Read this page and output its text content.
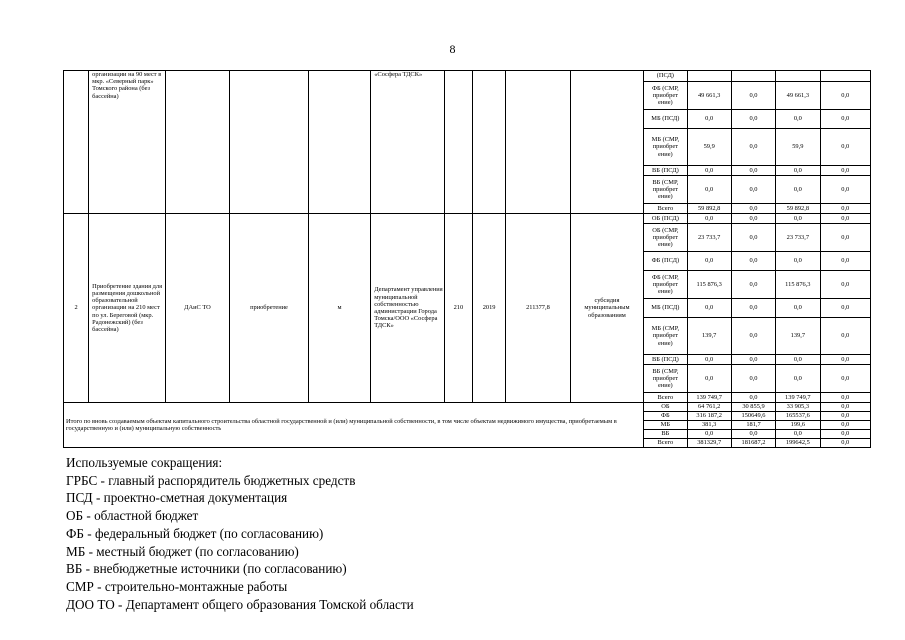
8
	организации на 90 мест в мкр. «Северный парк» Томского района (без бассейна)				«Сосфера ТДСК»					(ПСД)				
										ФБ (СМР, приобрет ение)	49 661,3	0,0	49 661,3	0,0
										МБ (ПСД)	0,0	0,0	0,0	0,0
										МБ (СМР, приобрет ение)	59,9	0,0	59,9	0,0
										ВБ (ПСД)	0,0	0,0	0,0	0,0
										ВБ (СМР, приобрет ение)	0,0	0,0	0,0	0,0
										Всего	59 892,8	0,0	59 892,8	0,0

2	Приобретение здания для размещения дошкольной образовательной организации на 210 мест по ул. Береговой (мкр. Радонежский) (без бассейна)	ДАиС ТО	приобретение	м	Департамент управления муниципальной собственностью администрации Города Томска/ООО «Сосфера ТДСК»	210	2019	211377,8	субсидия муниципальным образованиям	ОБ (ПСД)	0,0	0,0	0,0	0,0
										ОБ (СМР, приобрет ение)	23 733,7	0,0	23 733,7	0,0
										ФБ (ПСД)	0,0	0,0	0,0	0,0
										ФБ (СМР, приобрет ение)	115 876,3	0,0	115 876,3	0,0
										МБ (ПСД)	0,0	0,0	0,0	0,0
										МБ (СМР, приобрет ение)	139,7	0,0	139,7	0,0
										ВБ (ПСД)	0,0	0,0	0,0	0,0
										ВБ (СМР, приобрет ение)	0,0	0,0	0,0	0,0
										Всего	139 749,7	0,0	139 749,7	0,0
Итого по вновь создаваемым объектам капитального строительства областной государственной и (или) муниципальной собственности, в том числе объектам недвижимого имущества, приобретаемым в государственную и (или) муниципальную собственность										ОБ	64 761,2	30 855,9	33 905,3	0,0
										ФБ	316 187,2	150649,6	165537,6	0,0
										МБ	381,3	181,7	199,6	0,0
										ВБ	0,0	0,0	0,0	0,0
										Всего	381329,7	181687,2	199642,5	0,0
Используемые сокращения:
ГРБС - главный распорядитель бюджетных средств
ПСД - проектно-сметная документация
ОБ - областной бюджет
ФБ - федеральный бюджет (по согласованию)
МБ - местный бюджет (по согласованию)
ВБ - внебюджетные источники (по согласованию)
СМР - строительно-монтажные работы
ДОО ТО - Департамент общего образования Томской области
